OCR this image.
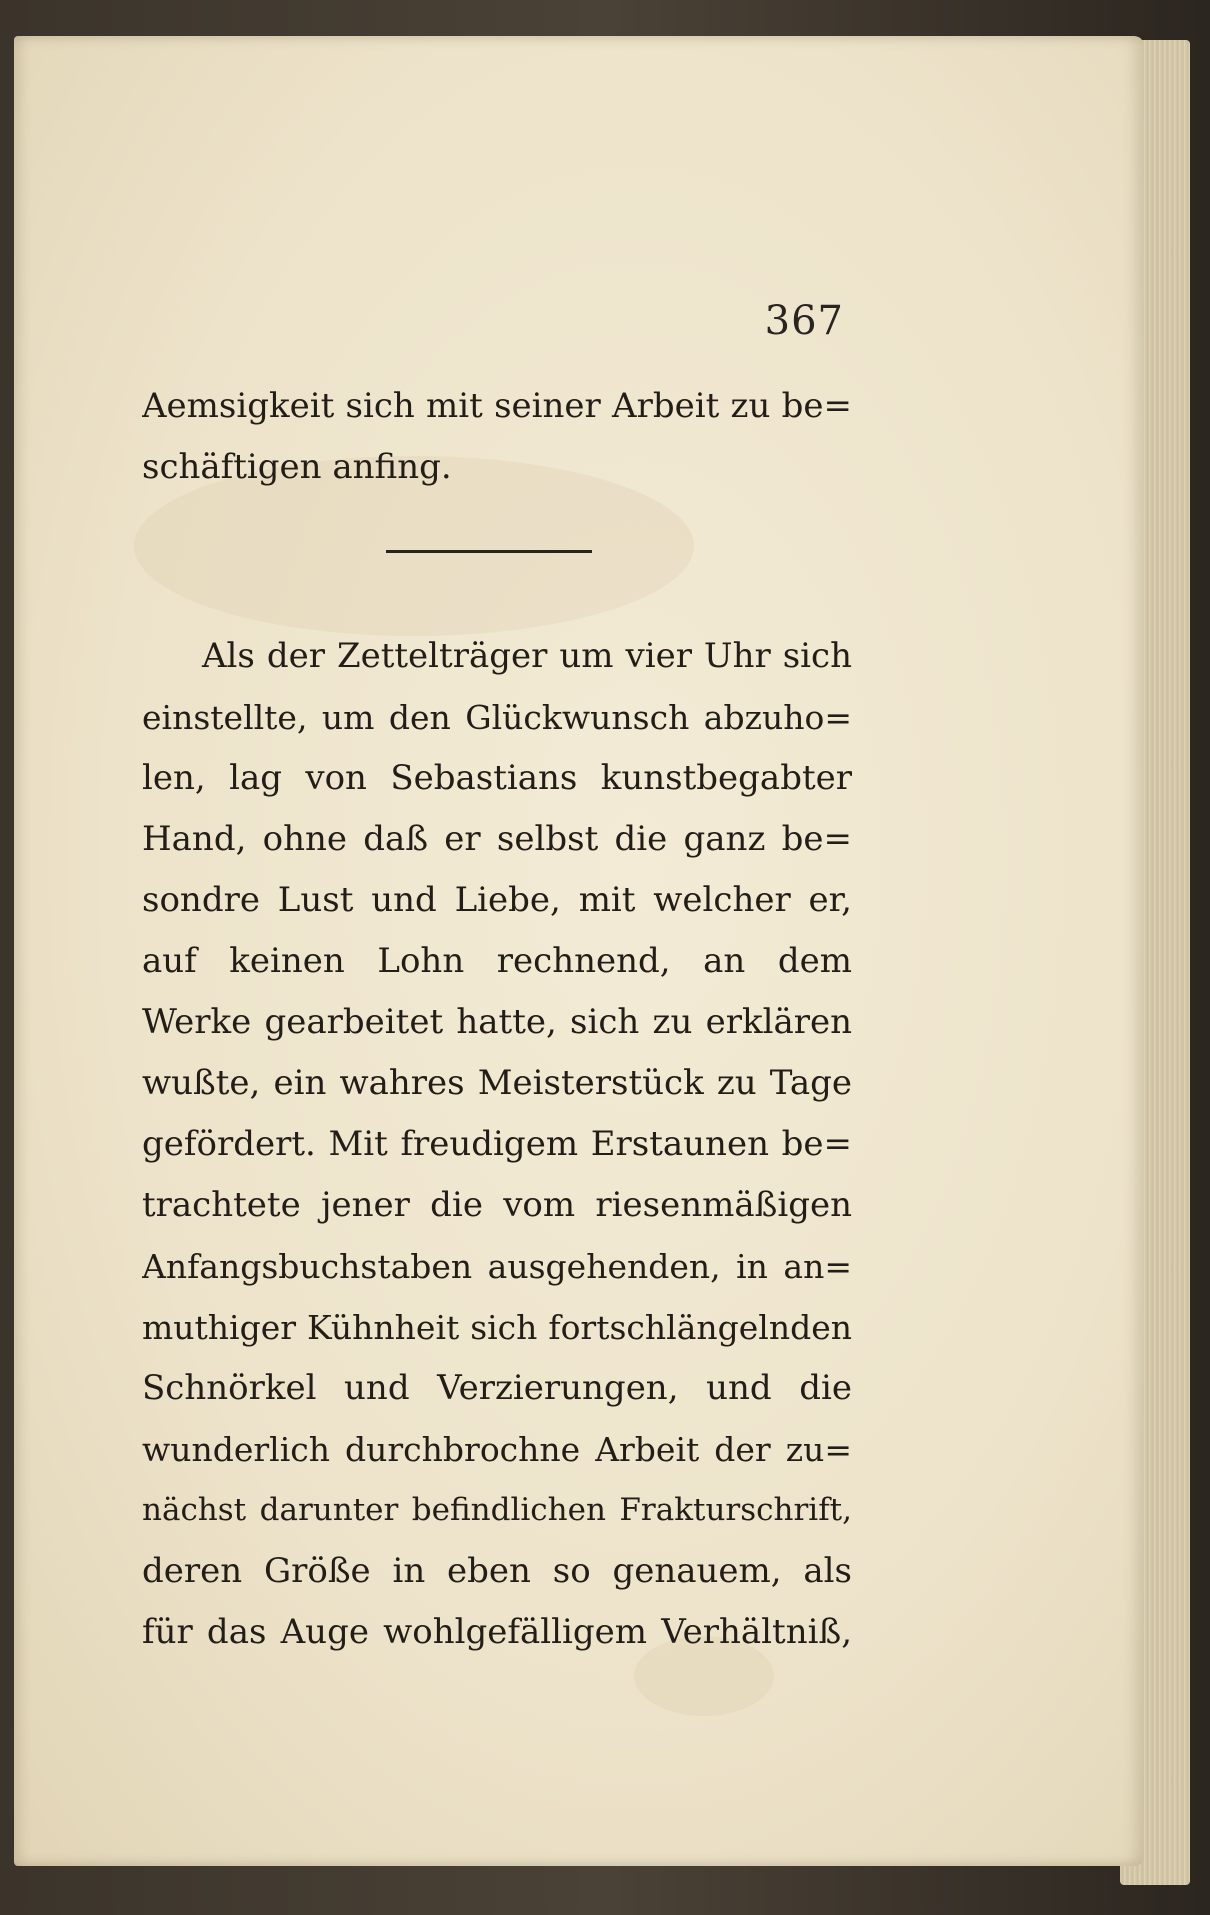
367
Aemsigkeit sich mit seiner Arbeit zu be=
schäftigen anfing.
Als der Zettelträger um vier Uhr sich
einstellte, um den Glückwunsch abzuho=
len, lag von Sebastians kunstbegabter
Hand, ohne daß er selbst die ganz be=
sondre Lust und Liebe, mit welcher er,
auf keinen Lohn rechnend, an dem
Werke gearbeitet hatte, sich zu erklären
wußte, ein wahres Meisterstück zu Tage
gefördert. Mit freudigem Erstaunen be=
trachtete jener die vom riesenmäßigen
Anfangsbuchstaben ausgehenden, in an=
muthiger Kühnheit sich fortschlängelnden
Schnörkel und Verzierungen, und die
wunderlich durchbrochne Arbeit der zu=
nächst darunter befindlichen Frakturschrift,
deren Größe in eben so genauem, als
für das Auge wohlgefälligem Verhältniß,
